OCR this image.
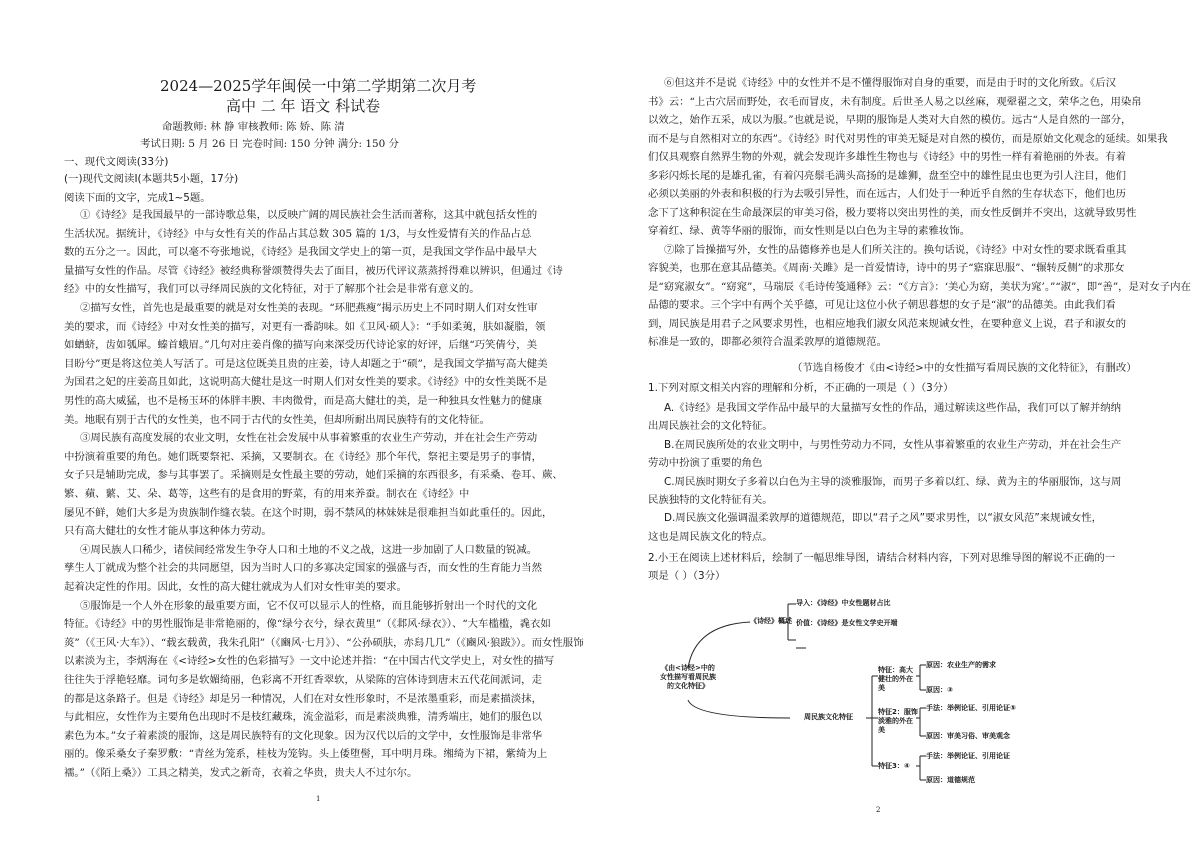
2024—2025学年闽侯一中第二学期第二次月考
高中 二 年 语文 科试卷
命题教师: 林 静 审核教师: 陈 娇、陈 清
考试日期: 5 月 26 日 完卷时间: 150 分钟 满分: 150 分
一、现代文阅读(33分)
(一)现代文阅读I(本题共5小题，17分)
阅读下面的文字，完成1~5题。
①《诗经》是我国最早的一部诗歌总集，以反映广阔的周民族社会生活而著称，这其中就包括女性的
生活状况。据统计，《诗经》中与女性有关的作品占其总数 305 篇的 1/3，与女性爱情有关的作品占总
数的五分之一。因此，可以毫不夸张地说，《诗经》是我国文学史上的第一页，是我国文学作品中最早大
量描写女性的作品。尽管《诗经》被经典称誉颂赞得失去了面目，被历代评议蒸蒸捋得难以辨识，但通过《诗
经》中的女性描写，我们可以寻绎周民族的文化特征，对于了解那个社会是非常有意义的。
②描写女性，首先也是最重要的就是对女性美的表现。“环肥燕瘦”揭示历史上不同时期人们对女性审
美的要求，而《诗经》中对女性美的描写，对更有一番韵味。如《卫风·硕人》：“手如柔荑，肤如凝脂，领
如蝤蛴，齿如瓠犀。螓首蛾眉。”几句对庄姜肖像的描写向来深受历代诗论家的好评，后继“巧笑倩兮，美
目盼兮”更是将这位美人写活了。可是这位既美且贵的庄姜，诗人却题之于“硕”，是我国文学描写高大健美
为国君之妃的庄姜高且如此，这说明高大健壮是这一时期人们对女性美的要求。《诗经》中的女性美既不是
男性的高大威猛，也不是杨玉环的体胖丰腴、丰肉微骨，而是高大健壮的美，是一种独具女性魅力的健康
美。地眠有别于古代的女性美，也不同于古代的女性美，但却所耐出周民族特有的文化特征。
③周民族有高度发展的农业文明，女性在社会发展中从事着繁重的农业生产劳动，并在社会生产劳动
中扮演着重要的角色。她们既要祭祀、采摘，又要制衣。在《诗经》那个年代，祭祀主要是男子的事情，
女子只是辅助完成，参与其事罢了。采摘则是女性最主要的劳动，她们采摘的东西很多，有采桑、卷耳、蕨、
繁、蘋、蘩、艾、朵、葛等，这些有的是食用的野菜，有的用来养蚕。制衣在《诗经》中
屡见不鲜，她们大多是为贵族制作缝衣装。在这个时期，弱不禁风的林妹妹是很难担当如此重任的。因此，
只有高大健壮的女性才能从事这种体力劳动。
④周民族人口稀少，诸侯间经常发生争夺人口和土地的不义之战，这进一步加剧了人口数量的锐减。
孳生人丁就成为整个社会的共同愿望，因为当时人口的多寡决定国家的强盛与否，而女性的生育能力当然
起着决定性的作用。因此，女性的高大健壮就成为人们对女性审美的要求。
⑤服饰是一个人外在形象的最重要方面，它不仅可以显示人的性格，而且能够折射出一个时代的文化
特征。《诗经》中的男性服饰是非常艳丽的，像“绿兮衣兮，绿衣黄里”（《邶风·绿衣》）、“大车槛槛，毳衣如
菼”（《王风·大车》）、“载玄载黄，我朱孔阳”（《豳风·七月》）、“公孙硕肤，赤舄几几”（《豳风·狼跋》）。而女性服饰
以素淡为主，李炳海在《<诗经>女性的色彩描写》一文中论述并指：“在中国古代文学史上，对女性的描写
往往失于浮艳轻靡。词句多是软媚绮丽，色彩离不开红香翠软，从梁陈的宫体诗到唐末五代花间派词，走
的都是这条路子。但是《诗经》却是另一种情况，人们在对女性形象时，不是浓墨重彩，而是素描淡抹，
与此相应，女性作为主要角色出现时不是枝红藏珠，流金溢彩，而是素淡典雅，清秀端庄，她们的服色以
素色为本。”女子着素淡的服饰，这是周民族特有的文化现象。因为汉代以后的文学中，女性服饰是非常华
丽的。像采桑女子秦罗敷：“青丝为笼系，桂枝为笼钩。头上倭堕髻，耳中明月珠。缃绮为下裙，紫绮为上
襦。”（《陌上桑》）工具之精美，发式之新奇，衣着之华贵，贵夫人不过尔尔。
1
⑥但这并不是说《诗经》中的女性并不是不懂得服饰对自身的重要，而是由于时的文化所致。《后汉
书》云：“上古穴居而野处，衣毛而冒皮，未有制度。后世圣人易之以丝麻，观翚翟之文，荣华之色，用染帛
以效之，始作五采，成以为服。”也就是说，早期的服饰是人类对大自然的模仿。远古“人是自然的一部分，
而不是与自然相对立的东西”。《诗经》时代对男性的审美无疑是对自然的模仿，而是原始文化观念的延续。如果我
们仅具观察自然界生物的外观，就会发现许多雄性生物也与《诗经》中的男性一样有着艳丽的外表。有着
多彩闪烁长尾的是雄孔雀，有着闪亮鬃毛满头高扬的是雄狮，盘至空中的雄性昆虫也更为引人注目，他们
必须以美丽的外表和积极的行为去吸引异性，而在远古，人们处于一种近乎自然的生存状态下，他们也历
念下了这种积淀在生命最深层的审美习俗，极力要将以突出男性的美，而女性反倒并不突出，这就导致男性
穿着红、绿、黄等华丽的服饰，而女性则是以白色为主导的素雅妆饰。
⑦除了旨操描写外，女性的品德修养也是人们所关注的。换句话说，《诗经》中对女性的要求既看重其
容貌美，也那在意其品德美。《周南·关雎》是一首爱情诗，诗中的男子“寤寐思服”、“辗转反侧”的求那女
是“窈窕淑女”。“窈窕”，马瑞辰《毛诗传笺通释》云：“《方言》：‘美心为窈，美状为窕’。”“淑”，即“善”，是对女子内在
品德的要求。三个字中有两个关乎德，可见让这位小伙子朝思暮想的女子是“淑”的品德美。由此我们看
到，周民族是用君子之风要求男性，也相应地我们淑女风范来规诫女性，在要种意义上说，君子和淑女的
标准是一致的，即都必须符合温柔敦厚的道德规范。
（节选自杨俊才《由<诗经>中的女性描写看周民族的文化特征》，有删改）
1.下列对原文相关内容的理解和分析，不正确的一项是（ ）（3分）
A.《诗经》是我国文学作品中最早的大量描写女性的作品，通过解读这些作品，我们可以了解并纳纳
出周民族社会的文化特征。
B.在周民族所处的农业文明中，与男性劳动力不同，女性从事着繁重的农业生产劳动，并在社会生产
劳动中扮演了重要的角色
C.周民族时期女子多着以白色为主导的淡雅服饰，而男子多着以红、绿、黄为主的华丽服饰，这与周
民族独特的文化特征有关。
D.周民族文化强调温柔敦厚的道德规范，即以“君子之风”要求男性，以“淑女风范”来规诫女性，
这也是周民族文化的特点。
2.小王在阅读上述材料后，绘制了一幅思维导图，请结合材料内容，下列对思维导图的解说不正确的一
项是（ ）（3分）
《由<诗经>中的女性描写看周民族的文化特征》
《诗经》概述
导入：《诗经》中女性题材占比
价值：《诗经》是女性文学史开端
周民族文化特征
特征：高大健壮的外在美
原因：农业生产的需求
原因：③
特征2：服饰淡雅的外在美
手法：举例论证、引用论证⑤
原因：审美习俗、审美观念
特征3：④
手法：举例论证、引用论证
原因：道德规范
2
